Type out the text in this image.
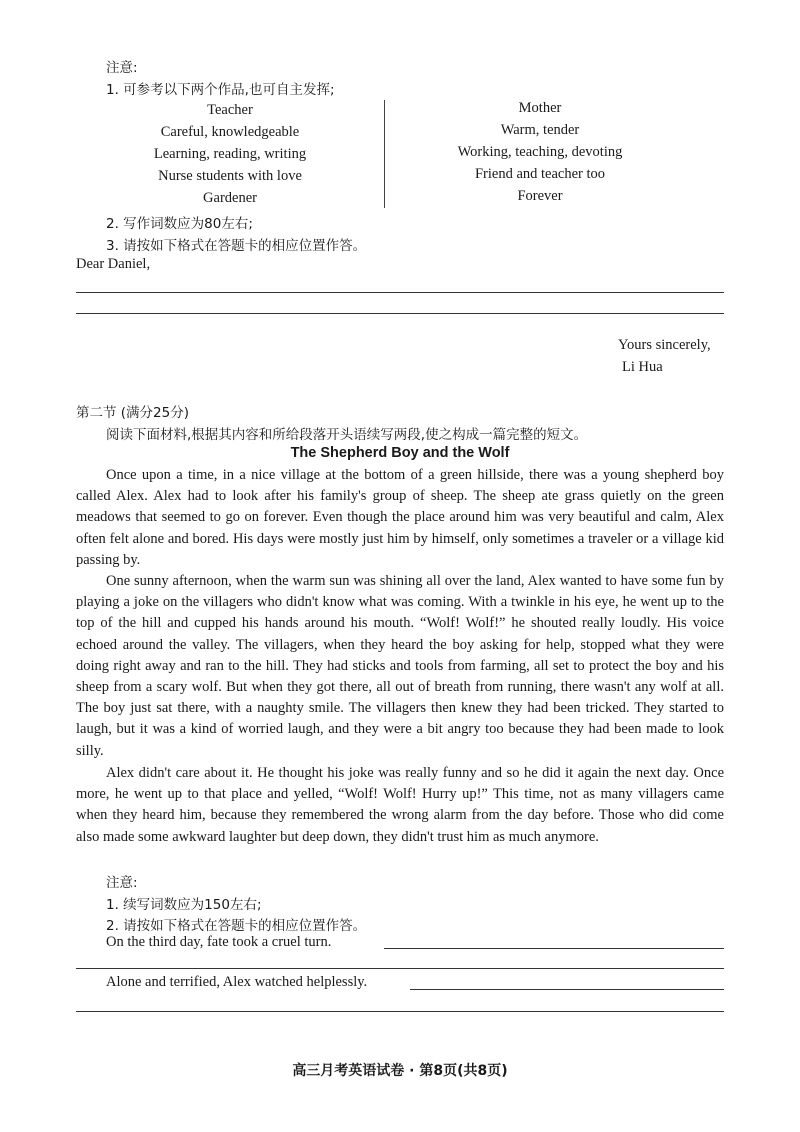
注意:
1. 可参考以下两个作品,也可自主发挥;
Teacher
Careful, knowledgeable
Learning, reading, writing
Nurse students with love
Gardener
Mother
Warm, tender
Working, teaching, devoting
Friend and teacher too
Forever
2. 写作词数应为80左右;
3. 请按如下格式在答题卡的相应位置作答。
Dear Daniel,
Yours sincerely,
Li Hua
第二节 (满分25分)
阅读下面材料,根据其内容和所给段落开头语续写两段,使之构成一篇完整的短文。
The Shepherd Boy and the Wolf
Once upon a time, in a nice village at the bottom of a green hillside, there was a young shepherd boy called Alex. Alex had to look after his family's group of sheep. The sheep ate grass quietly on the green meadows that seemed to go on forever. Even though the place around him was very beautiful and calm, Alex often felt alone and bored. His days were mostly just him by himself, only sometimes a traveler or a village kid passing by.
One sunny afternoon, when the warm sun was shining all over the land, Alex wanted to have some fun by playing a joke on the villagers who didn't know what was coming. With a twinkle in his eye, he went up to the top of the hill and cupped his hands around his mouth. “Wolf! Wolf!” he shouted really loudly. His voice echoed around the valley. The villagers, when they heard the boy asking for help, stopped what they were doing right away and ran to the hill. They had sticks and tools from farming, all set to protect the boy and his sheep from a scary wolf. But when they got there, all out of breath from running, there wasn't any wolf at all. The boy just sat there, with a naughty smile. The villagers then knew they had been tricked. They started to laugh, but it was a kind of worried laugh, and they were a bit angry too because they had been made to look silly.
Alex didn't care about it. He thought his joke was really funny and so he did it again the next day. Once more, he went up to that place and yelled, “Wolf! Wolf! Hurry up!” This time, not as many villagers came when they heard him, because they remembered the wrong alarm from the day before. Those who did come also made some awkward laughter but deep down, they didn't trust him as much anymore.
注意:
1. 续写词数应为150左右;
2. 请按如下格式在答题卡的相应位置作答。
On the third day, fate took a cruel turn.
Alone and terrified, Alex watched helplessly.
高三月考英语试卷 · 第8页(共8页)
